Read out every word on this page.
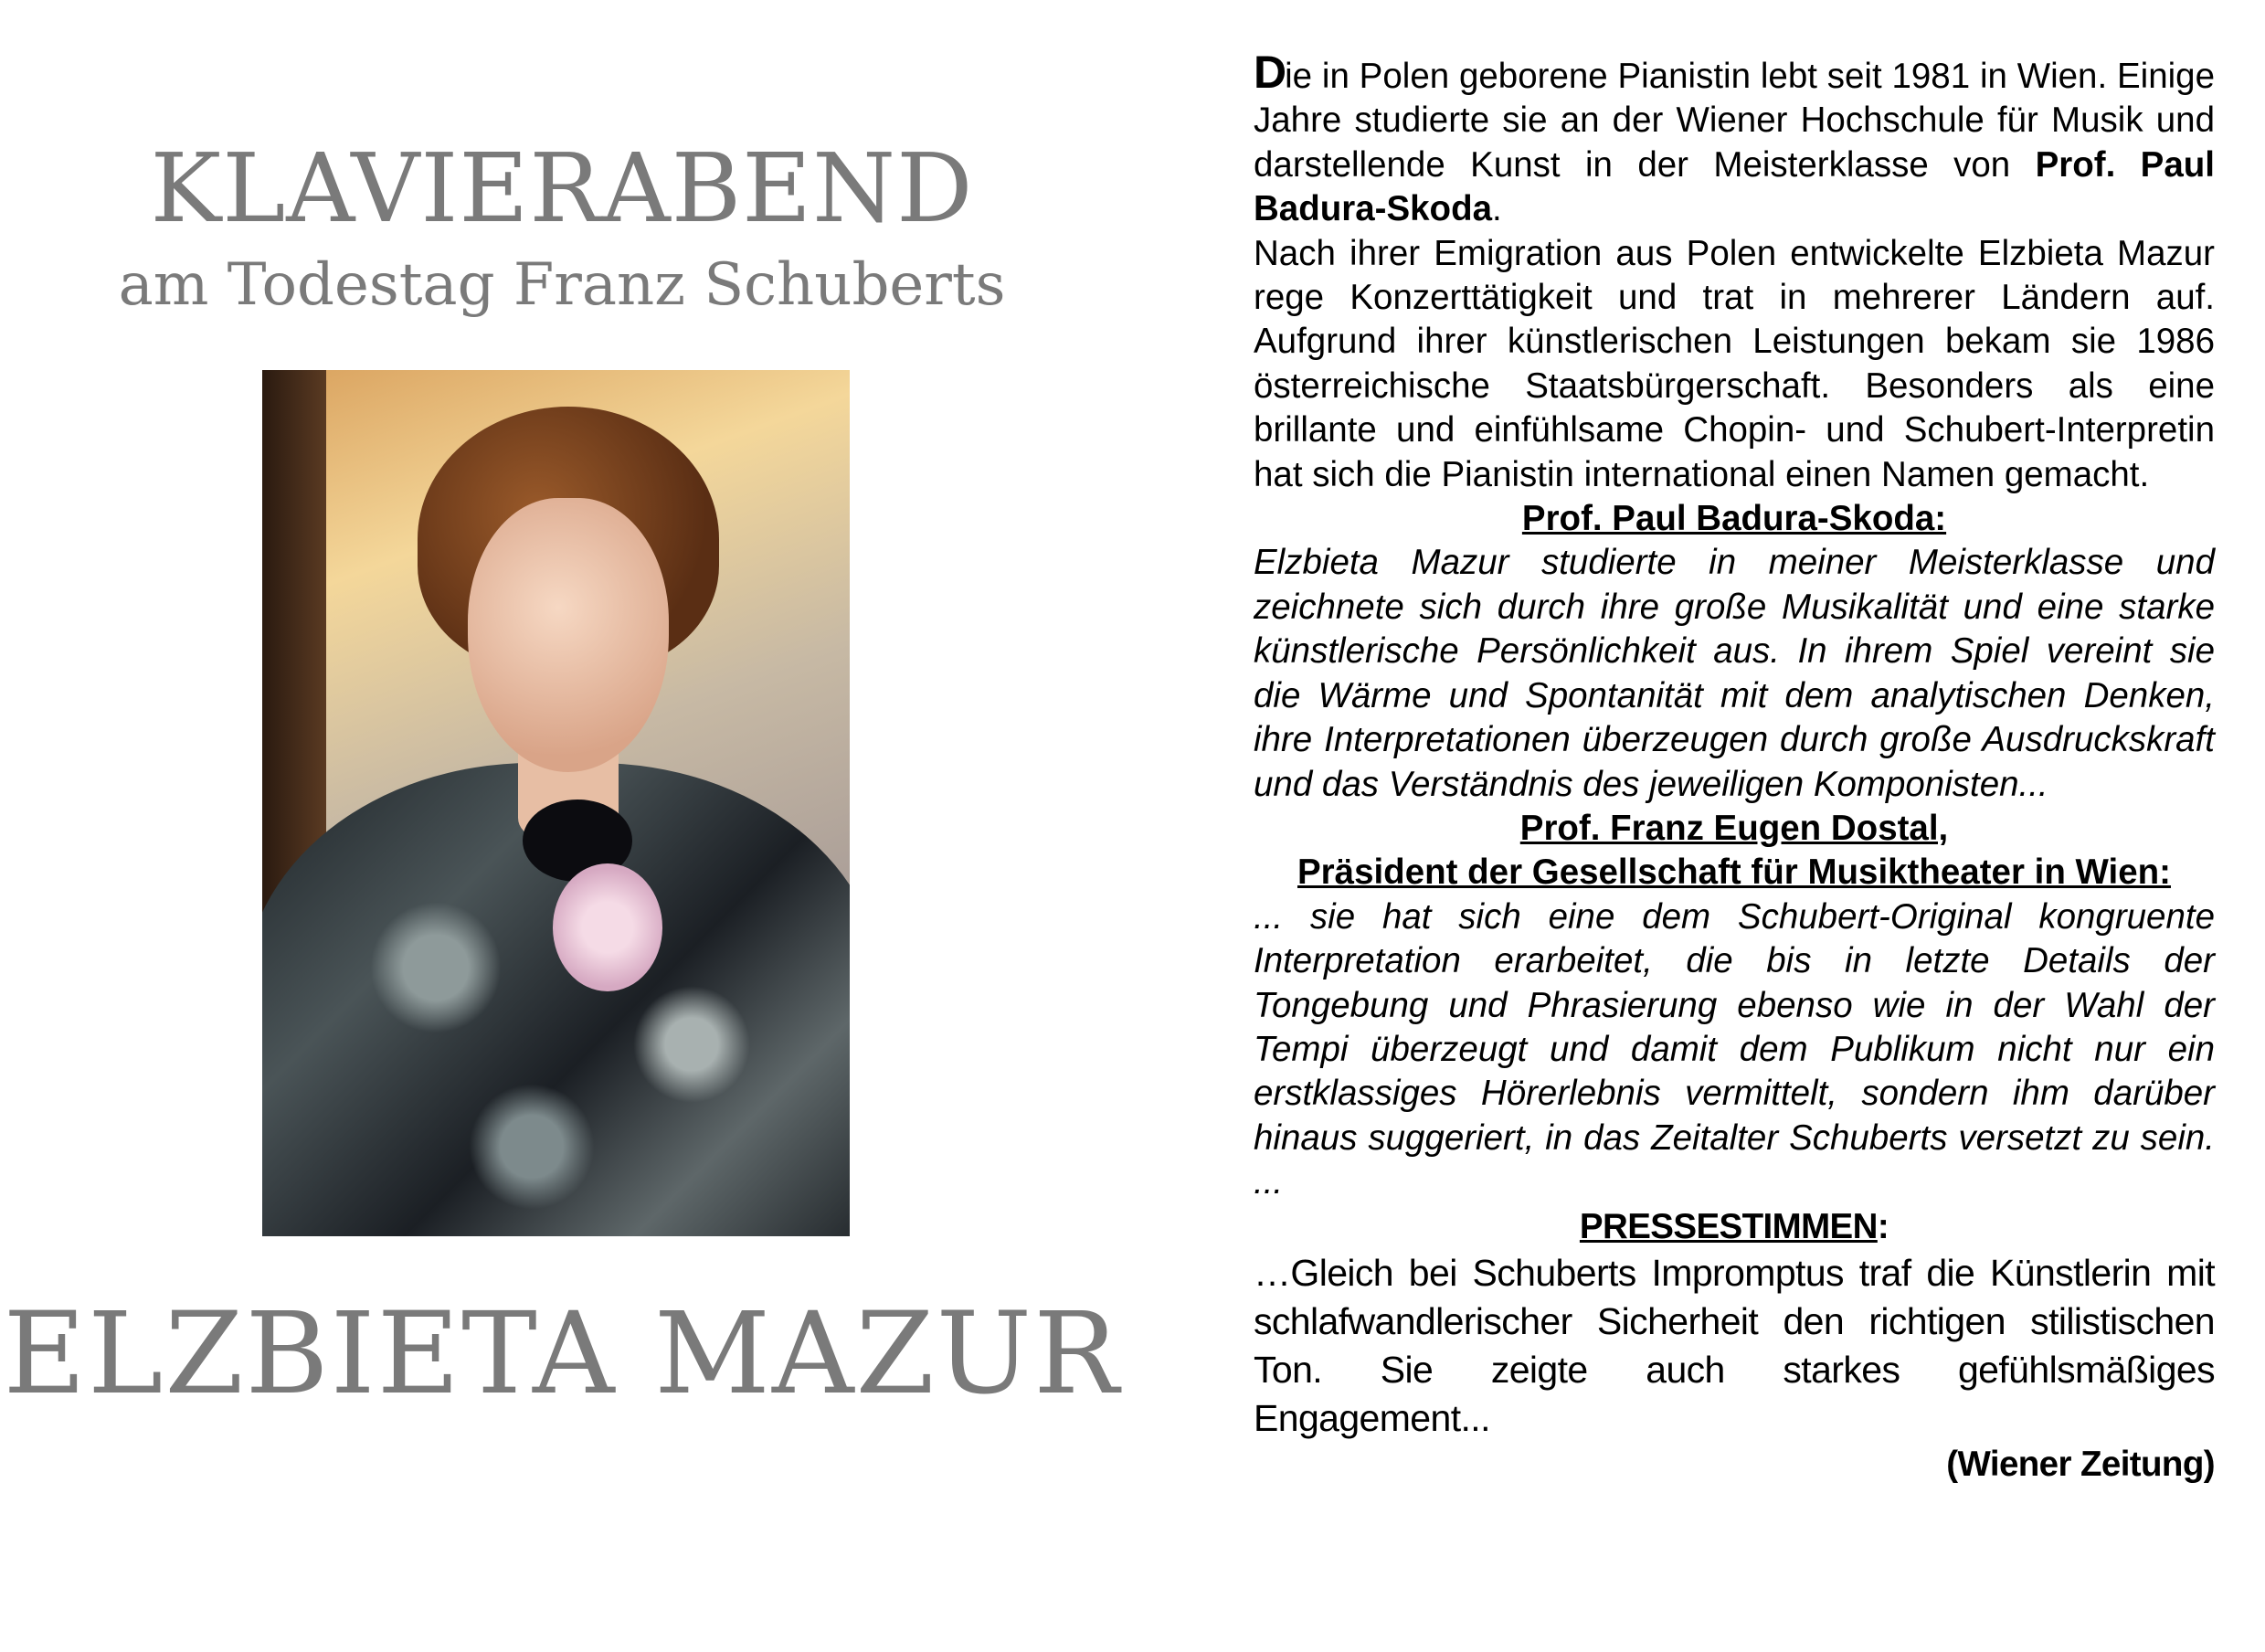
KLAVIERABEND
am Todestag Franz Schuberts
ELZBIETA MAZUR

Die in Polen geborene Pianistin lebt seit 1981 in Wien. Einige Jahre studierte sie an der Wiener Hochschule für Musik und darstellende Kunst in der Meisterklasse von Prof. Paul Badura-Skoda.

Nach ihrer Emigration aus Polen entwickelte Elzbieta Mazur rege Konzerttätigkeit und trat in mehrerer Ländern auf. Aufgrund ihrer künstlerischen Leistungen bekam sie 1986 österreichische Staatsbürgerschaft. Besonders als eine brillante und einfühlsame Chopin- und Schubert-Interpretin hat sich die Pianistin international einen Namen gemacht.

Prof. Paul Badura-Skoda:

Elzbieta Mazur studierte in meiner Meisterklasse und zeichnete sich durch ihre große Musikalität und eine starke künstlerische Persönlichkeit aus. In ihrem Spiel vereint sie die Wärme und Spontanität mit dem analytischen Denken, ihre Interpretationen überzeugen durch große Ausdruckskraft und das Verständnis des jeweiligen Komponisten...

Prof. Franz Eugen Dostal,

Präsident der Gesellschaft für Musiktheater in Wien:

... sie hat sich eine dem Schubert-Original kongruente Interpretation erarbeitet, die bis in letzte Details der Tongebung und Phrasierung ebenso wie in der Wahl der Tempi überzeugt und damit dem Publikum nicht nur ein erstklassiges Hörerlebnis vermittelt, sondern ihm darüber hinaus suggeriert, in das Zeitalter Schuberts versetzt zu sein. ...

PRESSESTIMMEN:

…Gleich bei Schuberts Impromptus traf die Künstlerin mit schlafwandlerischer Sicherheit den richtigen stilistischen Ton. Sie zeigte auch starkes gefühlsmäßiges Engagement...

(Wiener Zeitung)
